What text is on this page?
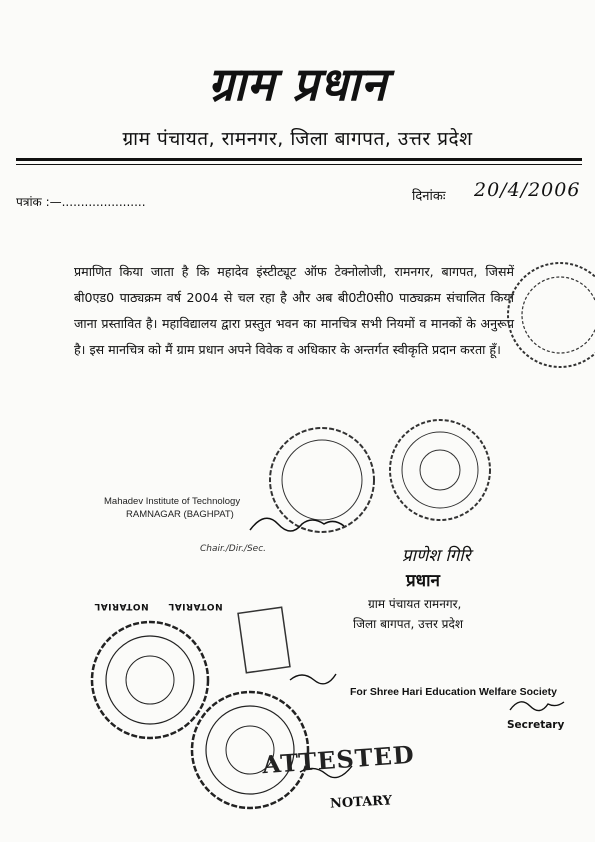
ग्राम प्रधान
ग्राम पंचायत, रामनगर, जिला बागपत, उत्तर प्रदेश
पत्रांक :—......................	दिनांकः 20/4/2006
प्रमाणित किया जाता है कि महादेव इंस्टीट्यूट ऑफ टेक्नोलोजी, रामनगर, बागपत, जिसमें बी0एड0 पाठ्यक्रम वर्ष 2004 से चल रहा है और अब बी0टी0सी0 पाठ्यक्रम संचालित किया जाना प्रस्तावित है। महाविद्यालय द्वारा प्रस्तुत भवन का मानचित्र सभी नियमों व मानकों के अनुरूप है। इस मानचित्र को मैं ग्राम प्रधान अपने विवेक व अधिकार के अन्तर्गत स्वीकृति प्रदान करता हूँ।
Mahadev Institute of Technology
RAMNAGAR (BAGHPAT)
Chair./Dir./Sec.	प्राणेश गिरि
प्रधान
ग्राम पंचायत रामनगर,
जिला बागपत, उत्तर प्रदेश
NOTARIAL NOTARIAL
For Shree Hari Education Welfare Society
Secretary
ATTESTED
NOTARY
